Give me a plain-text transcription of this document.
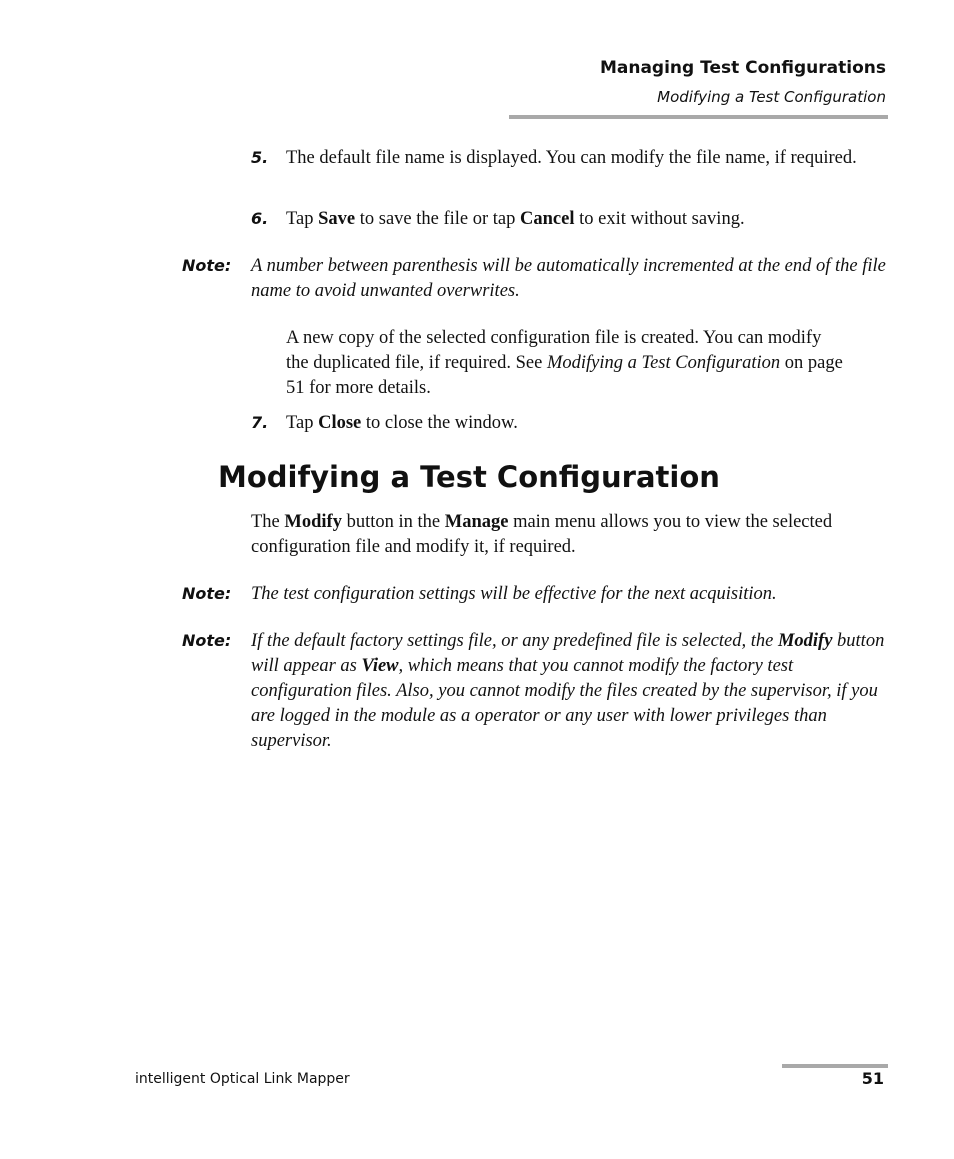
Managing Test Configurations
Modifying a Test Configuration
5. The default file name is displayed. You can modify the file name, if required.
6. Tap Save to save the file or tap Cancel to exit without saving.
Note: A number between parenthesis will be automatically incremented at the end of the file name to avoid unwanted overwrites.
A new copy of the selected configuration file is created. You can modify the duplicated file, if required. See Modifying a Test Configuration on page 51 for more details.
7. Tap Close to close the window.
Modifying a Test Configuration
The Modify button in the Manage main menu allows you to view the selected configuration file and modify it, if required.
Note: The test configuration settings will be effective for the next acquisition.
Note: If the default factory settings file, or any predefined file is selected, the Modify button will appear as View, which means that you cannot modify the factory test configuration files. Also, you cannot modify the files created by the supervisor, if you are logged in the module as a operator or any user with lower privileges than supervisor.
intelligent Optical Link Mapper	51
